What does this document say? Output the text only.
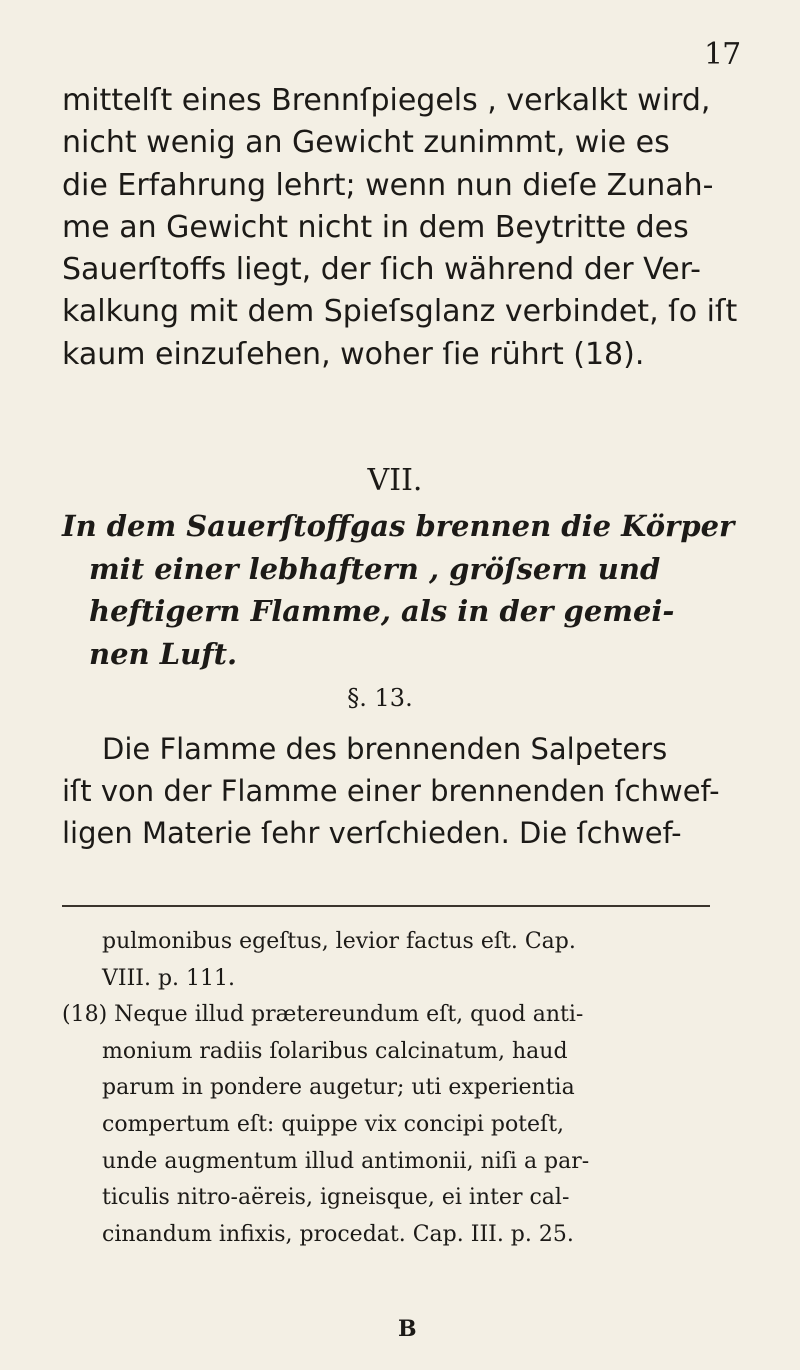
17
mittelſt eines Brennſpiegels , verkalkt wird,
nicht wenig an Gewicht zunimmt, wie es
die Erfahrung lehrt; wenn nun dieſe Zunah-
me an Gewicht nicht in dem Beytritte des
Sauerſtoffs liegt, der ſich während der Ver-
kalkung mit dem Spieſsglanz verbindet, ſo iſt
kaum einzuſehen, woher ſie rührt (18).
VII.
In dem Sauerſtoffgas brennen die Körper
mit einer lebhaftern , gröſsern und
heftigern Flamme, als in der gemei-
nen Luft.
§. 13.
Die Flamme des brennenden Salpeters
iſt von der Flamme einer brennenden ſchwef-
ligen Materie ſehr verſchieden. Die ſchwef-
pulmonibus egeſtus, levior factus eſt. Cap.
VIII. p. 111.
(18) Neque illud prætereundum eſt, quod anti-
monium radiis ſolaribus calcinatum, haud
parum in pondere augetur; uti experientia
compertum eſt: quippe vix concipi poteſt,
unde augmentum illud antimonii, niſi a par-
ticulis nitro-aëreis, igneisque, ei inter cal-
cinandum infixis, procedat. Cap. III. p. 25.
B
